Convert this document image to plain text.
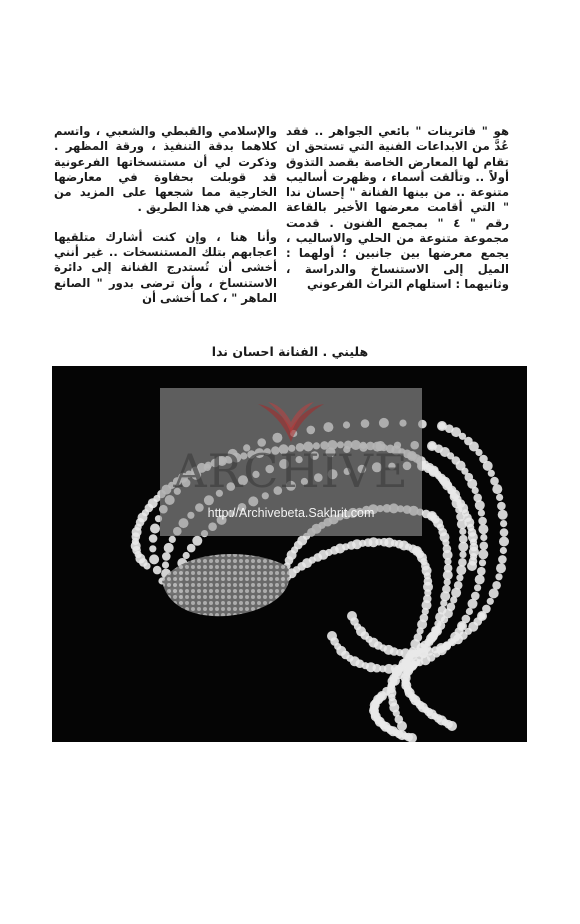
هو " فاترينات " بائعي الجواهر .. فقد عُدَّ من الابداعات الفنية التي تستحق ان تقام لها المعارض الخاصة بقصد التذوق أولاً .. وتألقت أسماء ، وظهرت أساليب متنوعة .. من بينها الفنانة " إحسان ندا " التي أقامت معرضها الأخير بالقاعة رقم " ٤ " بمجمع الفنون . قدمت مجموعة متنوعة من الحلي والاساليب ، يجمع معرضها بين جانبين ؛ أولهما : الميل إلى الاستنساخ والدراسة ، وثانيهما : استلهام التراث الفرعوني

والإسلامي والقبطي والشعبي ، واتسم كلاهما بدقة التنفيذ ، ورقة المظهر . وذكرت لي أن مستنسخاتها الفرعونية قد قوبلت بحفاوة في معارضها الخارجية مما شجعها على المزيد من المضي في هذا الطريق .

وأنا هنا ، وإن كنت أشارك متلقيها اعجابهم بتلك المستنسخات .. غير أنني أخشى أن تُستدرج الفنانة إلى دائرة الاستنساخ ، وأن ترضى بدور " الصانع الماهر " ، كما أخشى أن

هليني . الفنانة احسان ندا
ARCHIVE
http://Archivebeta.Sakhrit.com
